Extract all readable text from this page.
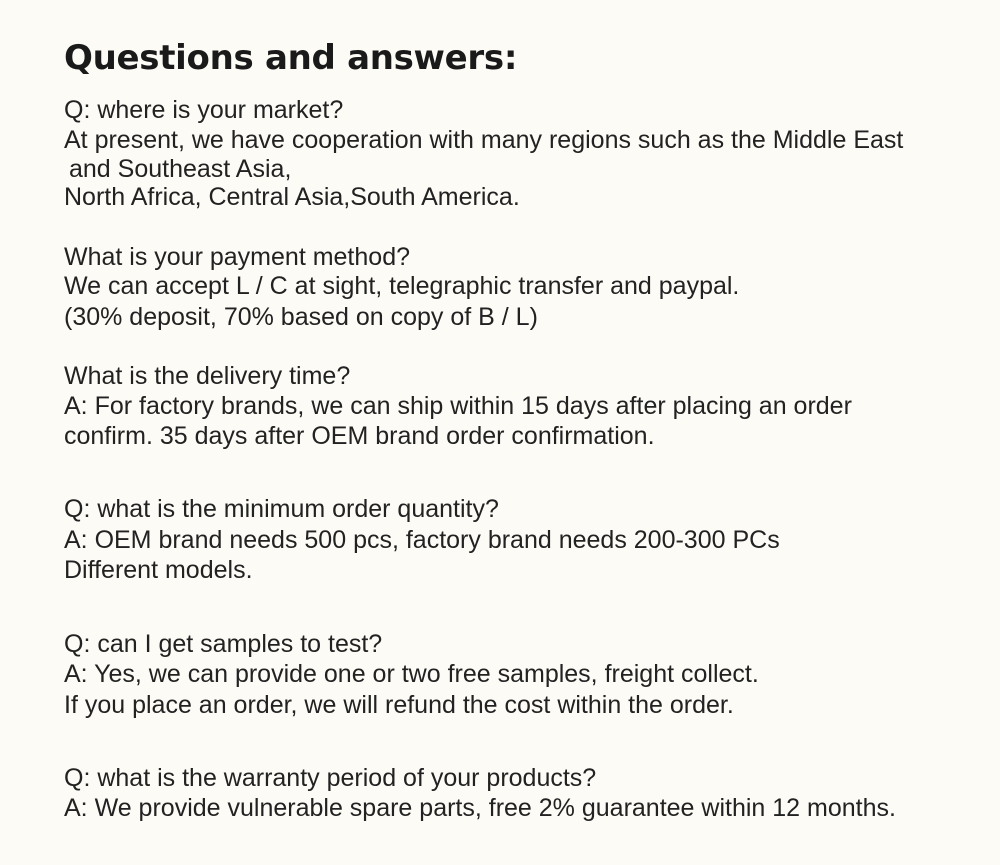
Questions and answers:

Q: where is your market?

At present, we have cooperation with many regions such as the Middle East

and Southeast Asia,

North Africa, Central Asia,South America.

What is your payment method?

We can accept L / C at sight, telegraphic transfer and paypal.

(30% deposit, 70% based on copy of B / L)

What is the delivery time?

A: For factory brands, we can ship within 15 days after placing an order

confirm. 35 days after OEM brand order confirmation.

Q: what is the minimum order quantity?

A: OEM brand needs 500 pcs, factory brand needs 200-300 PCs

Different models.

Q: can I get samples to test?

A: Yes, we can provide one or two free samples, freight collect.

If you place an order, we will refund the cost within the order.

Q: what is the warranty period of your products?

A: We provide vulnerable spare parts, free 2% guarantee within 12 months.
